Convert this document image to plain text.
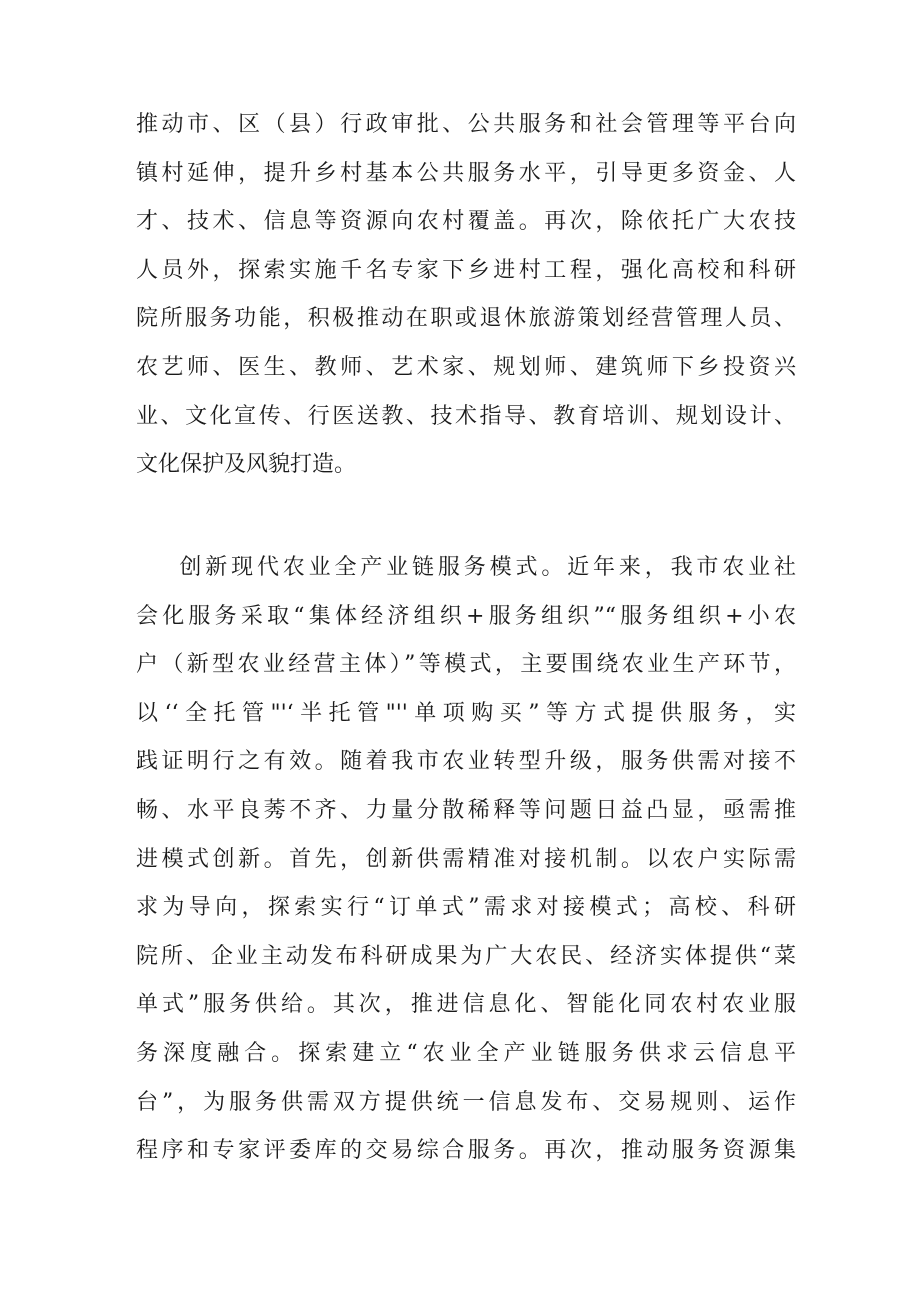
推动市、区（县）行政审批、公共服务和社会管理等平台向
镇村延伸，提升乡村基本公共服务水平，引导更多资金、人
才、技术、信息等资源向农村覆盖。再次，除依托广大农技
人员外，探索实施千名专家下乡进村工程，强化高校和科研
院所服务功能，积极推动在职或退休旅游策划经营管理人员、
农艺师、医生、教师、艺术家、规划师、建筑师下乡投资兴
业、文化宣传、行医送教、技术指导、教育培训、规划设计、
文化保护及风貌打造。
创新现代农业全产业链服务模式。近年来，我市农业社
会化服务采取“集体经济组织+服务组织”“服务组织+小农
户（新型农业经营主体）”等模式，主要围绕农业生产环节，
以‘‘全托管"'‘半托管"''单项购买”等方式提供服务，实
践证明行之有效。随着我市农业转型升级，服务供需对接不
畅、水平良莠不齐、力量分散稀释等问题日益凸显，亟需推
进模式创新。首先，创新供需精准对接机制。以农户实际需
求为导向，探索实行“订单式”需求对接模式；高校、科研
院所、企业主动发布科研成果为广大农民、经济实体提供“菜
单式”服务供给。其次，推进信息化、智能化同农村农业服
务深度融合。探索建立“农业全产业链服务供求云信息平
台”，为服务供需双方提供统一信息发布、交易规则、运作
程序和专家评委库的交易综合服务。再次，推动服务资源集
